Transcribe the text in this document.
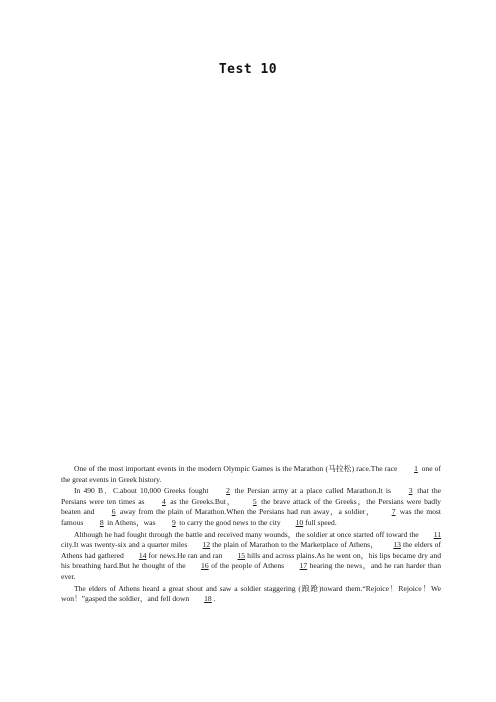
Test 10

One of the most important events in the modern Olympic Games is the Marathon (马拉松) race.The race 1 one of the great events in Greek history.

In 490 B．C.about 10,000 Greeks fought 2 the Persian army at a place called Marathon.It is 3 that the Persians were ten times as 4 as the Greeks.But， 5 the brave attack of the Greeks，the Persians were badly beaten and 6 away from the plain of Marathon.When the Persians had run away，a soldier， 7 was the most famous 8 in Athens，was 9 to carry the good news to the city 10 full speed.

Although he had fought through the battle and received many wounds，the soldier at once started off toward the 11 city.It was twenty-six and a quarter miles 12 the plain of Marathon to the Marketplace of Athens， 13 the elders of Athens had gathered 14 for news.He ran and ran 15 hills and across plains.As he went on，his lips became dry and his breathing hard.But he thought of the 16 of the people of Athens 17 hearing the news，and he ran harder than ever.

The elders of Athens heard a great shout and saw a soldier staggering (踉跄)toward them.“Rejoice！Rejoice！We won！”gasped the soldier，and fell down 18 .
